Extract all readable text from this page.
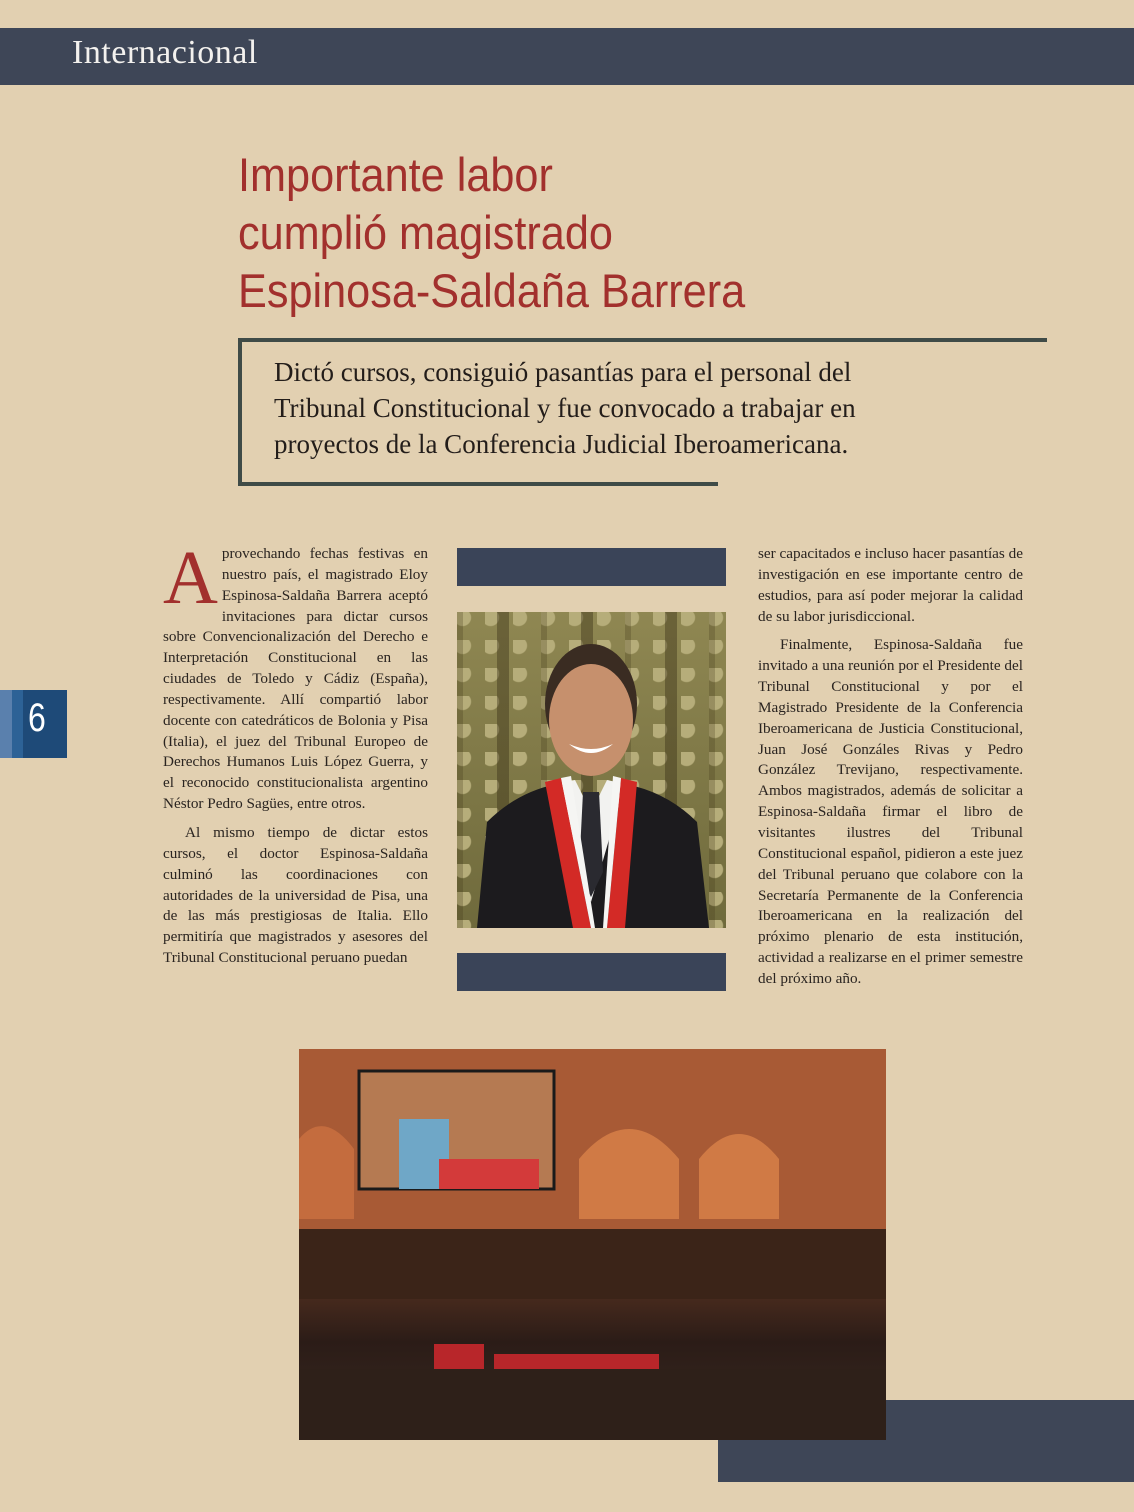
Internacional
Importante labor
cumplió magistrado
Espinosa-Saldaña Barrera
Dictó cursos, consiguió pasantías para el personal del
Tribunal Constitucional y fue convocado a trabajar en
proyectos de la Conferencia Judicial Iberoamericana.
6

Aprovechando fechas festivas en nuestro país, el magistrado Eloy Espinosa-Saldaña Barrera aceptó invitaciones para dictar cursos sobre Convencionalización del Derecho e Interpretación Constitucional en las ciudades de Toledo y Cádiz (España), respectivamente. Allí compartió labor docente con catedráticos de Bolonia y Pisa (Italia), el juez del Tribunal Europeo de Derechos Humanos Luis López Guerra, y el reconocido constitucionalista argentino Néstor Pedro Sagües, entre otros.

Al mismo tiempo de dictar estos cursos, el doctor Espinosa-Saldaña culminó las coordinaciones con autoridades de la universidad de Pisa, una de las más prestigiosas de Italia. Ello permitiría que magistrados y asesores del Tribunal Constitucional peruano puedan

ser capacitados e incluso hacer pasantías de investigación en ese importante centro de estudios, para así poder mejorar la calidad de su labor jurisdiccional.

Finalmente, Espinosa-Saldaña fue invitado a una reunión por el Presidente del Tribunal Constitucional y por el Magistrado Presidente de la Conferencia Iberoamericana de Justicia Constitucional, Juan José Gonzáles Rivas y Pedro González Trevijano, respectivamente. Ambos magistrados, además de solicitar a Espinosa-Saldaña firmar el libro de visitantes ilustres del Tribunal Constitucional español, pidieron a este juez del Tribunal peruano que colabore con la Secretaría Permanente de la Conferencia Iberoamericana en la realización del próximo plenario de esta institución, actividad a realizarse en el primer semestre del próximo año.
